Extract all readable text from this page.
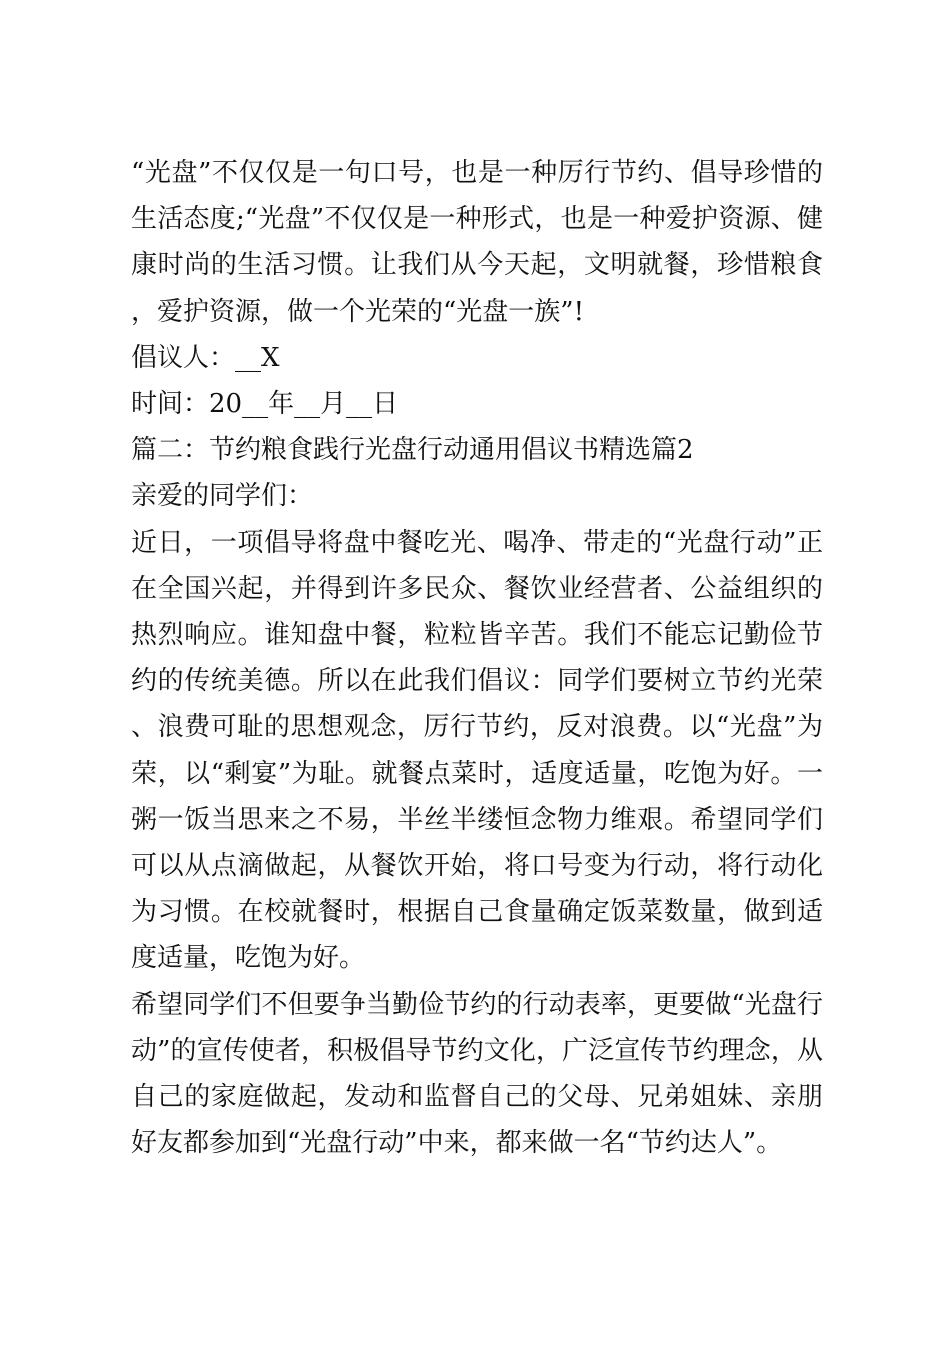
“光盘”不仅仅是一句口号，也是一种厉行节约、倡导珍惜的生活态度;“光盘”不仅仅是一种形式，也是一种爱护资源、健康时尚的生活习惯。让我们从今天起，文明就餐，珍惜粮食，爱护资源，做一个光荣的“光盘一族”!

倡议人：__X

时间：20__年__月__日

篇二：节约粮食践行光盘行动通用倡议书精选篇2

亲爱的同学们：

近日，一项倡导将盘中餐吃光、喝净、带走的“光盘行动”正在全国兴起，并得到许多民众、餐饮业经营者、公益组织的热烈响应。谁知盘中餐，粒粒皆辛苦。我们不能忘记勤俭节约的传统美德。所以在此我们倡议：同学们要树立节约光荣、浪费可耻的思想观念，厉行节约，反对浪费。以“光盘”为荣，以“剩宴”为耻。就餐点菜时，适度适量，吃饱为好。一粥一饭当思来之不易，半丝半缕恒念物力维艰。希望同学们可以从点滴做起，从餐饮开始，将口号变为行动，将行动化为习惯。在校就餐时，根据自己食量确定饭菜数量，做到适度适量，吃饱为好。

希望同学们不但要争当勤俭节约的行动表率，更要做“光盘行动”的宣传使者，积极倡导节约文化，广泛宣传节约理念，从自己的家庭做起，发动和监督自己的父母、兄弟姐妹、亲朋好友都参加到“光盘行动”中来，都来做一名“节约达人”。
